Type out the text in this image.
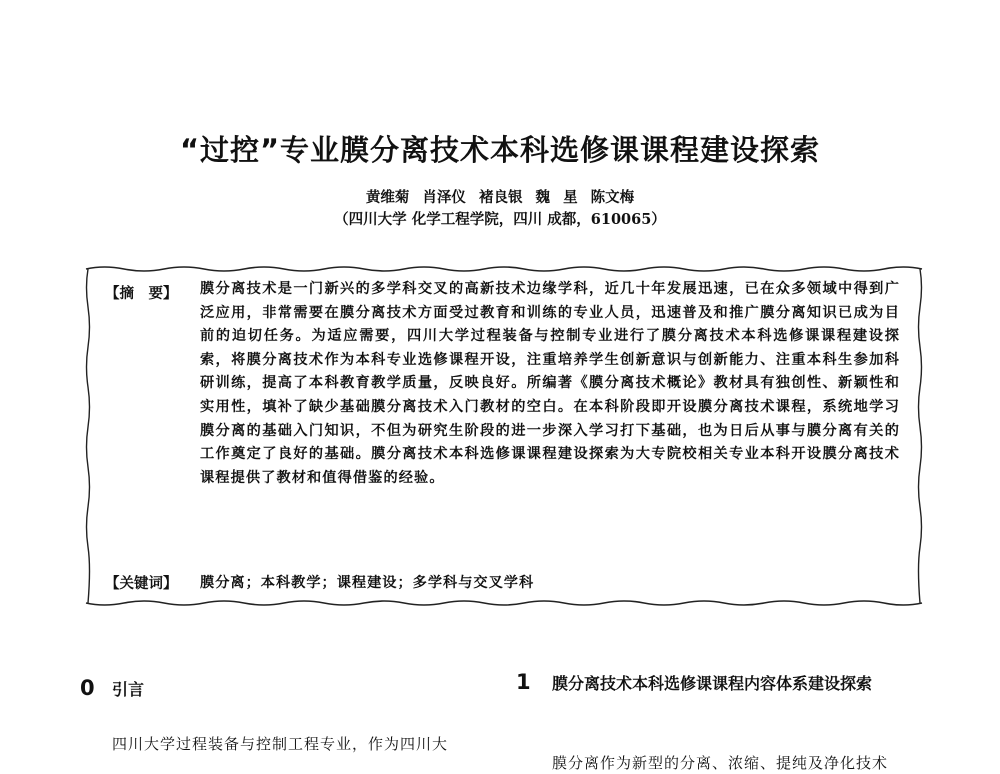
“过控”专业膜分离技术本科选修课课程建设探索
黄维菊 肖泽仪 褚良银 魏 星 陈文梅
（四川大学 化学工程学院，四川 成都，610065）
【摘　要】	膜分离技术是一门新兴的多学科交叉的高新技术边缘学科，近几十年发展迅速，已在众多领域中得到广泛应用，非常需要在膜分离技术方面受过教育和训练的专业人员，迅速普及和推广膜分离知识已成为目前的迫切任务。为适应需要，四川大学过程装备与控制专业进行了膜分离技术本科选修课课程建设探索，将膜分离技术作为本科专业选修课程开设，注重培养学生创新意识与创新能力、注重本科生参加科研训练，提高了本科教育教学质量，反映良好。所编著《膜分离技术概论》教材具有独创性、新颖性和实用性，填补了缺少基础膜分离技术入门教材的空白。在本科阶段即开设膜分离技术课程，系统地学习膜分离的基础入门知识，不但为研究生阶段的进一步深入学习打下基础，也为日后从事与膜分离有关的工作奠定了良好的基础。膜分离技术本科选修课课程建设探索为大专院校相关专业本科开设膜分离技术课程提供了教材和值得借鉴的经验。
【关键词】 膜分离；本科教学；课程建设；多学科与交叉学科
0 引言
四川大学过程装备与控制工程专业，作为四川大
1 膜分离技术本科选修课课程内容体系建设探索
膜分离作为新型的分离、浓缩、提纯及净化技术
